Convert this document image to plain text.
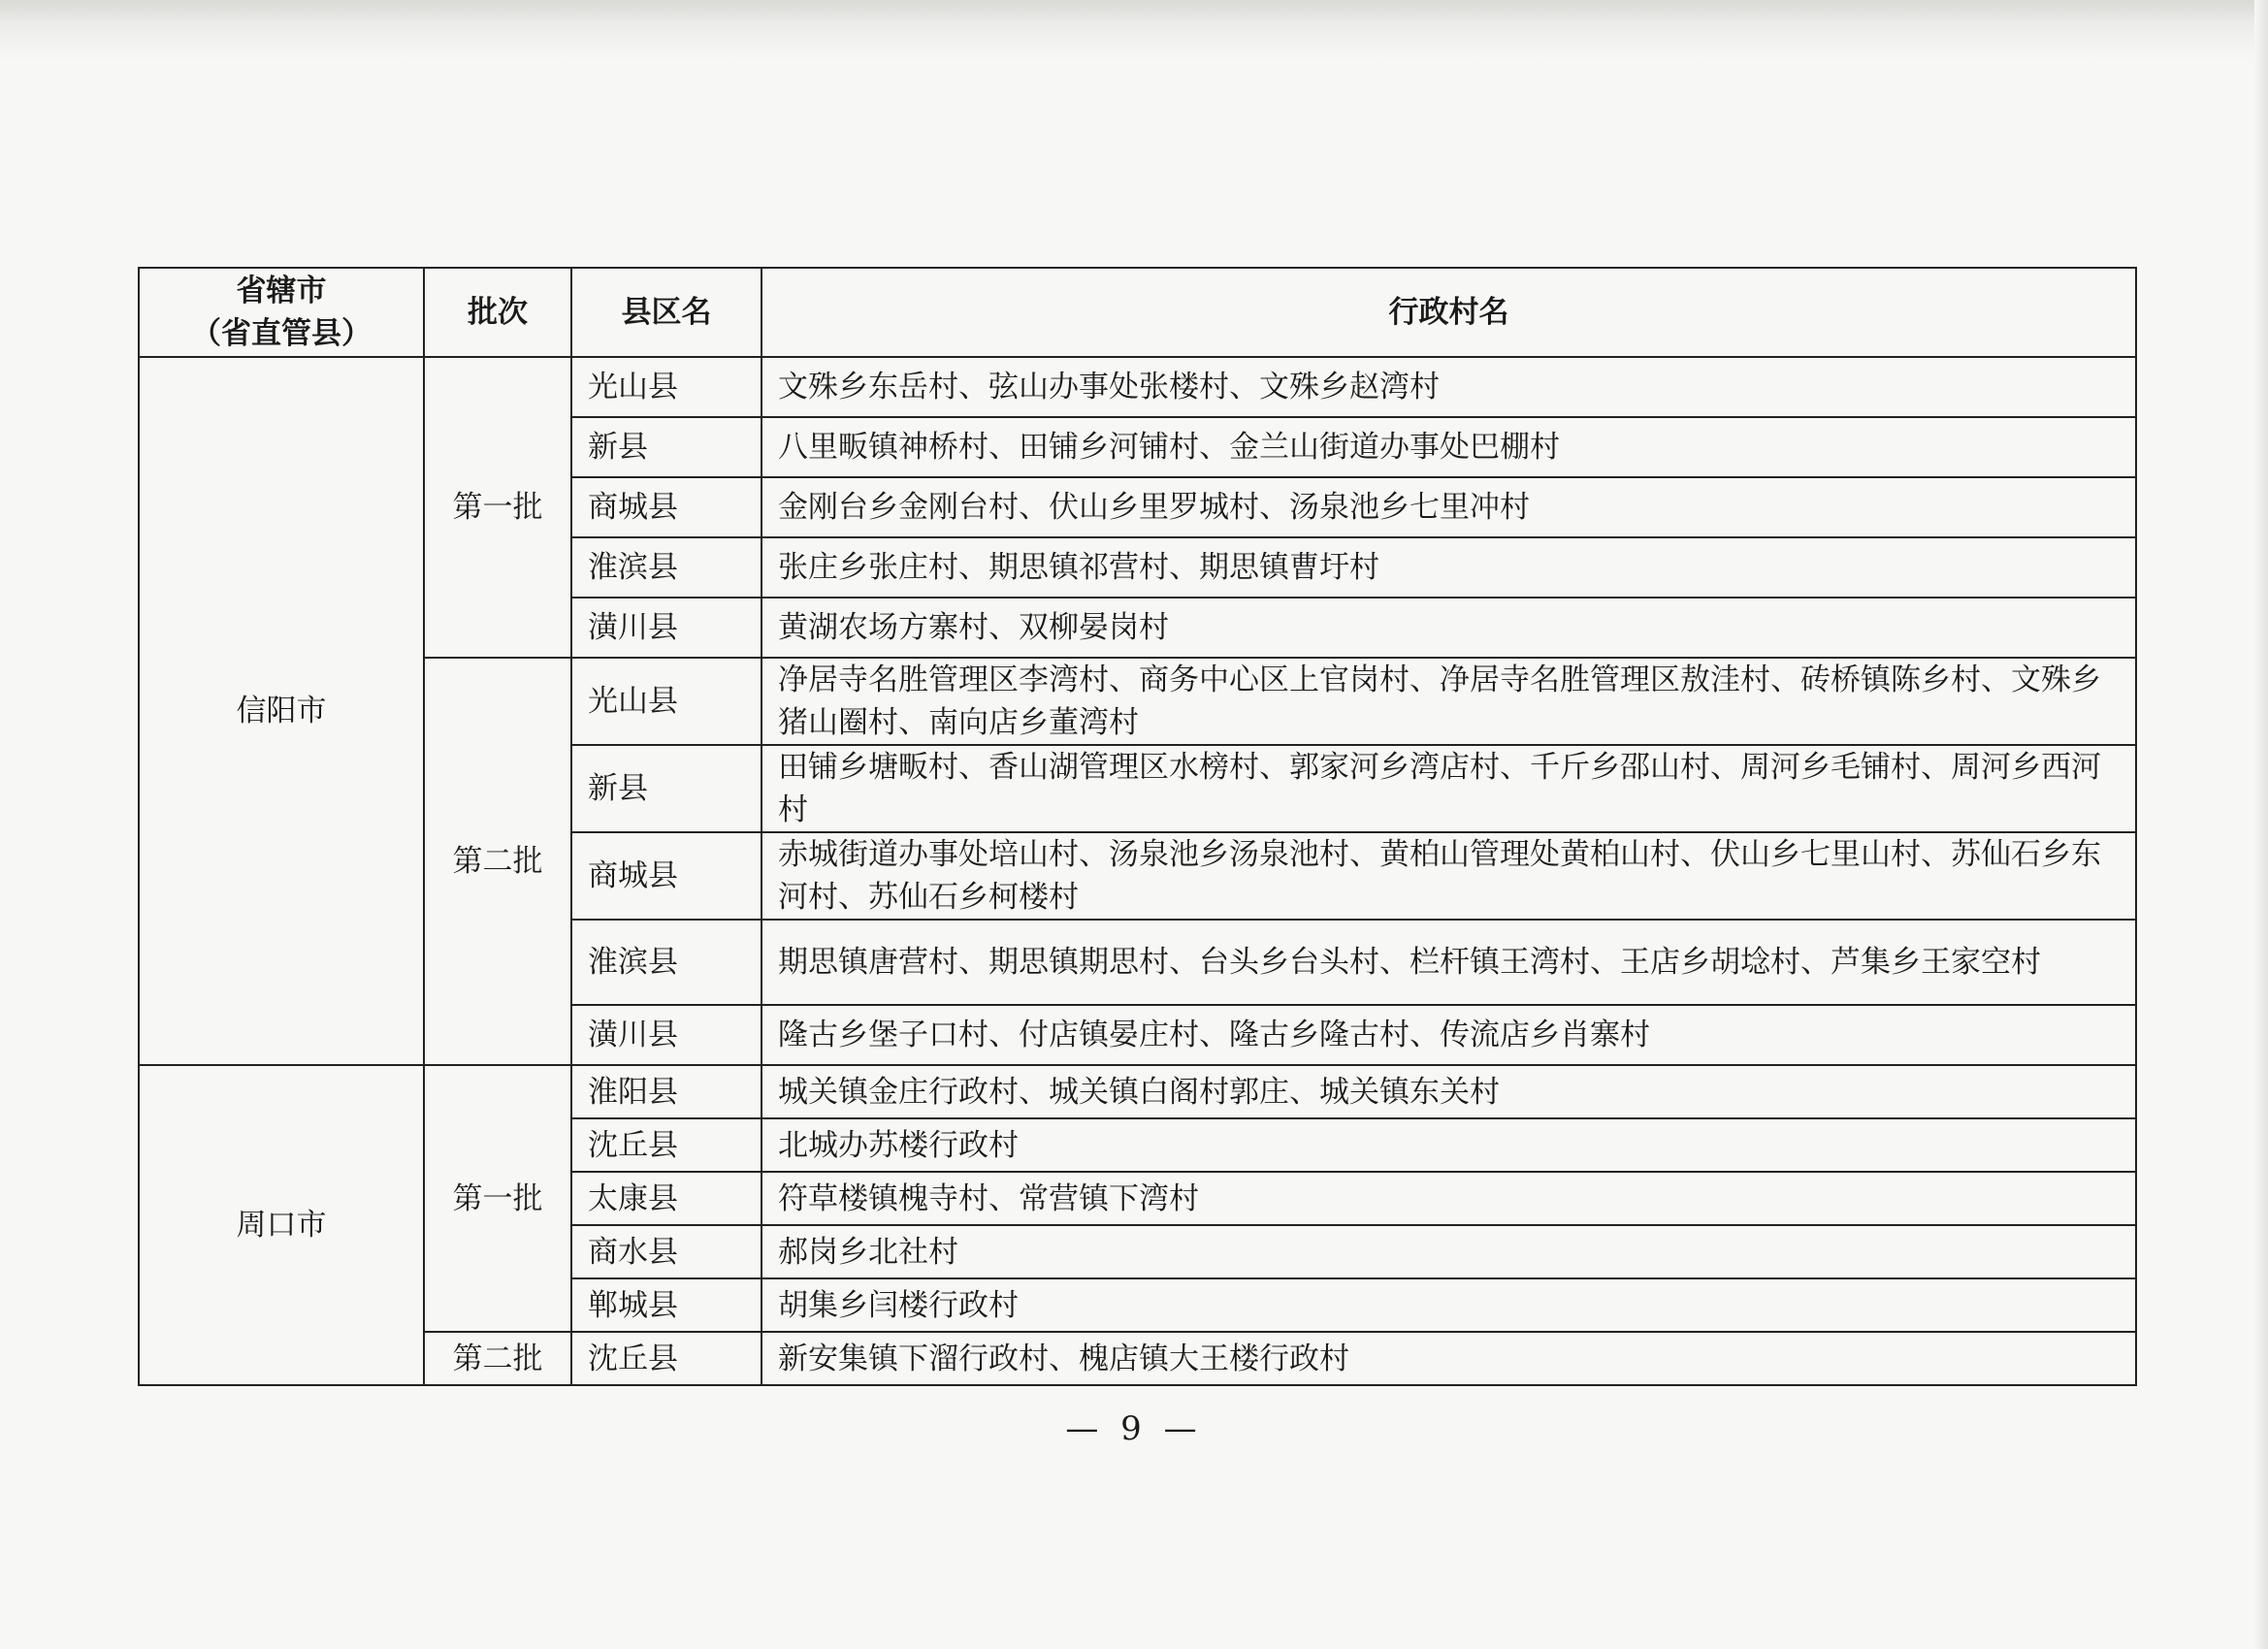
省辖市
（省直管县）	批次	县区名	行政村名
信阳市	第一批	光山县	文殊乡东岳村、弦山办事处张楼村、文殊乡赵湾村
		新县	八里畈镇神桥村、田铺乡河铺村、金兰山街道办事处巴棚村
		商城县	金刚台乡金刚台村、伏山乡里罗城村、汤泉池乡七里冲村
		淮滨县	张庄乡张庄村、期思镇祁营村、期思镇曹圩村
		潢川县	黄湖农场方寨村、双柳晏岗村
	第二批	光山县	净居寺名胜管理区李湾村、商务中心区上官岗村、净居寺名胜管理区敖洼村、砖桥镇陈乡村、文殊乡猪山圈村、南向店乡董湾村
		新县	田铺乡塘畈村、香山湖管理区水榜村、郭家河乡湾店村、千斤乡邵山村、周河乡毛铺村、周河乡西河村
		商城县	赤城街道办事处培山村、汤泉池乡汤泉池村、黄柏山管理处黄柏山村、伏山乡七里山村、苏仙石乡东河村、苏仙石乡柯楼村
		淮滨县	期思镇唐营村、期思镇期思村、台头乡台头村、栏杆镇王湾村、王店乡胡埝村、芦集乡王家空村
		潢川县	隆古乡堡子口村、付店镇晏庄村、隆古乡隆古村、传流店乡肖寨村
周口市	第一批	淮阳县	城关镇金庄行政村、城关镇白阁村郭庄、城关镇东关村
		沈丘县	北城办苏楼行政村
		太康县	符草楼镇槐寺村、常营镇下湾村
		商水县	郝岗乡北社村
		郸城县	胡集乡闫楼行政村
	第二批	沈丘县	新安集镇下溜行政村、槐店镇大王楼行政村
— 9 —
